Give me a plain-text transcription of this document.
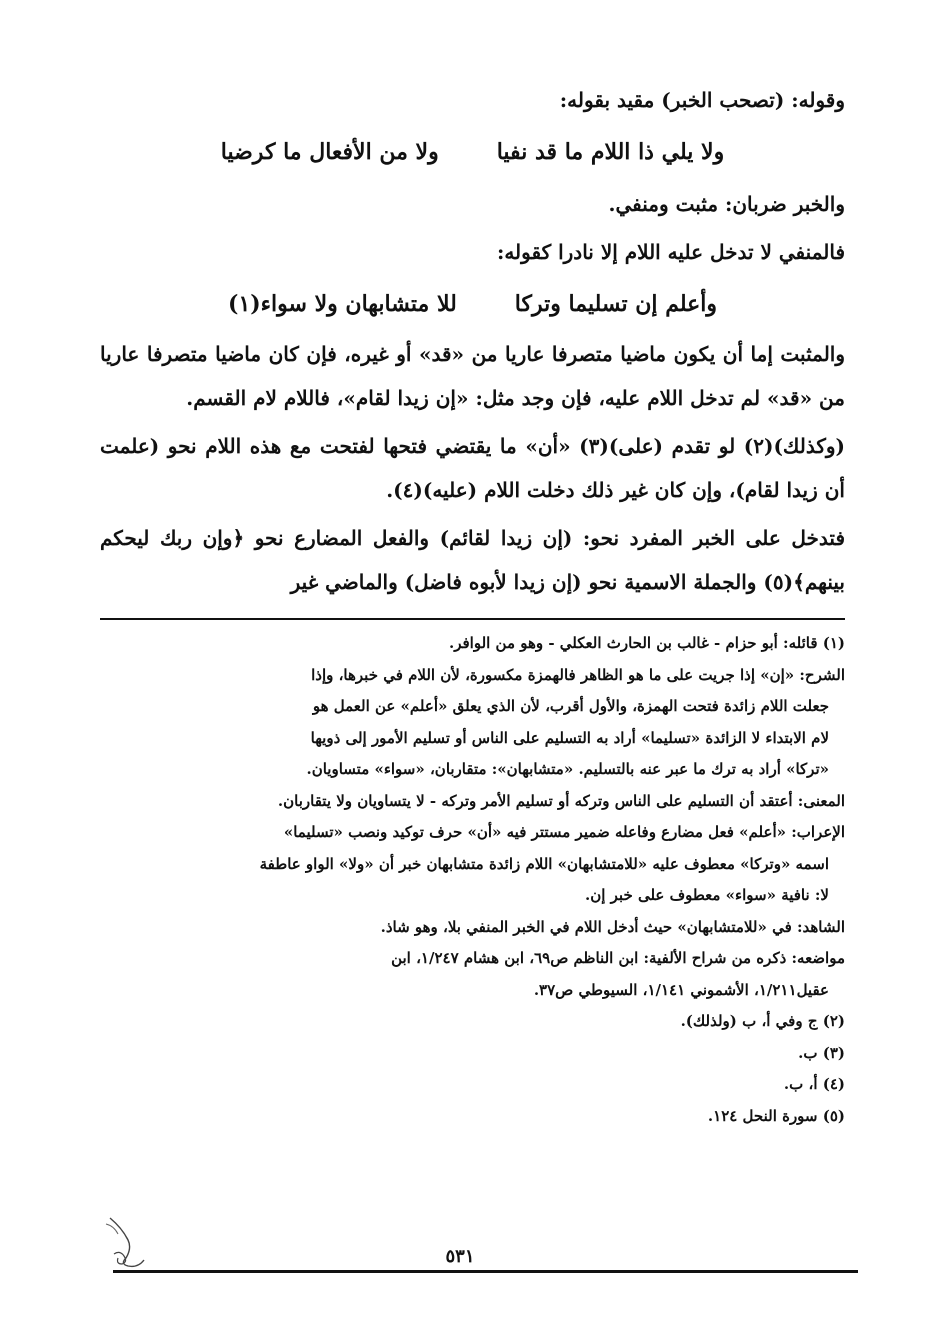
وقوله: (تصحب الخبر) مقيد بقوله:

ولا يلي ذا اللام ما قد نفيا
ولا من الأفعال ما كرضيا

والخبر ضربان: مثبت ومنفي.

فالمنفي لا تدخل عليه اللام إلا نادرا كقوله:

وأعلم إن تسليما وتركا
للا متشابهان ولا سواء(١)

والمثبت إما أن يكون ماضيا متصرفا عاريا من «قد» أو غيره، فإن كان ماضيا متصرفا عاريا من «قد» لم تدخل اللام عليه، فإن وجد مثل: «إن زيدا لقام»، فاللام لام القسم.

(وكذلك)(٢) لو تقدم (على)(٣) «أن» ما يقتضي فتحها لفتحت مع هذه اللام نحو (علمت أن زيدا لقام)، وإن كان غير ذلك دخلت اللام (عليه)(٤).

فتدخل على الخبر المفرد نحو: (إن زيدا لقائم) والفعل المضارع نحو ﴿وإن ربك ليحكم بينهم﴾(٥) والجملة الاسمية نحو (إن زيدا لأبوه فاضل) والماضي غير

(١) قائله: أبو حزام - غالب بن الحارث العكلي - وهو من الوافر.

الشرح: «إن» إذا جريت على ما هو الظاهر فالهمزة مكسورة، لأن اللام في خبرها، وإذا

جعلت اللام زائدة فتحت الهمزة، والأول أقرب، لأن الذي يعلق «أعلم» عن العمل هو

لام الابتداء لا الزائدة «تسليما» أراد به التسليم على الناس أو تسليم الأمور إلى ذويها

«تركا» أراد به ترك ما عبر عنه بالتسليم. «متشابهان»: متقاربان، «سواء» متساويان.

المعنى: أعتقد أن التسليم على الناس وتركه أو تسليم الأمر وتركه - لا يتساويان ولا يتقاربان.

الإعراب: «أعلم» فعل مضارع وفاعله ضمير مستتر فيه «أن» حرف توكيد ونصب «تسليما»

اسمه «وتركا» معطوف عليه «للامتشابهان» اللام زائدة متشابهان خبر أن «ولا» الواو عاطفة

لا: نافية «سواء» معطوف على خبر إن.

الشاهد: في «للامتشابهان» حيث أدخل اللام في الخبر المنفي بلا، وهو شاذ.

مواضعه: ذكره من شراح الألفية: ابن الناظم ص٦٩، ابن هشام ١/٢٤٧، ابن

عقيل١/٢١١، الأشموني ١/١٤١، السيوطي ص٣٧.

(٢) ج وفي أ، ب (ولذلك).

(٣) ب.

(٤) أ، ب.

(٥) سورة النحل ١٢٤.

٥٣١
